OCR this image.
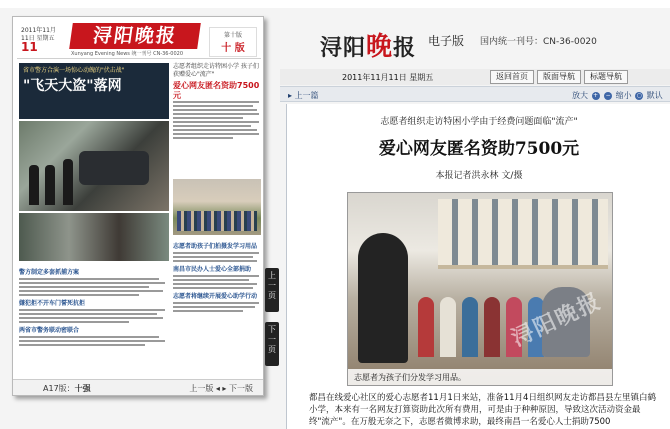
2011年11月11日 星期五 11	浔阳晚报
Xunyang Evening News 统一刊号 CN-36-0020
第十版
十 版
省市警方合演一场惊心动魄的"伏击战"
"飞天大盗"落网
警方制定多套抓捕方案
嫌犯拒不开车门誓死抗拒
两省市警务联动密联合
志愿者组织走访特困小学 孩子们获赠爱心"流产"
爱心网友匿名资助7500元
志愿者助孩子们拍摄发学习用品
南昌市民办人士爱心全部捐助
志愿者将继续开展爱心助学行动
A17版：十强	上一版 ◂ ▸ 下一版
上一页
下一页
浔阳晚报 电子版 国内统一刊号：CN-36-0020
2011年11月11日 星期五	返回首页	版面导航	标题导航
▸ 上一篇	放大 + − 缩小 ○ 默认
志愿者组织走访特困小学由于经费问题面临"流产"
爱心网友匿名资助7500元
本报记者洪永林 文/摄
浔阳晚报
志愿者为孩子们分发学习用品。
都昌在线爱心社区的爱心志愿者11月1日来站，准备11月4日组织网友走访都昌县左里镇白鹤小学，本来有一名网友打算资助此次所有费用，可是由于种种原因，导致这次活动资金最终"流产"。在万般无奈之下，志愿者微博求助，最终南昌一名爱心人士捐助7500
